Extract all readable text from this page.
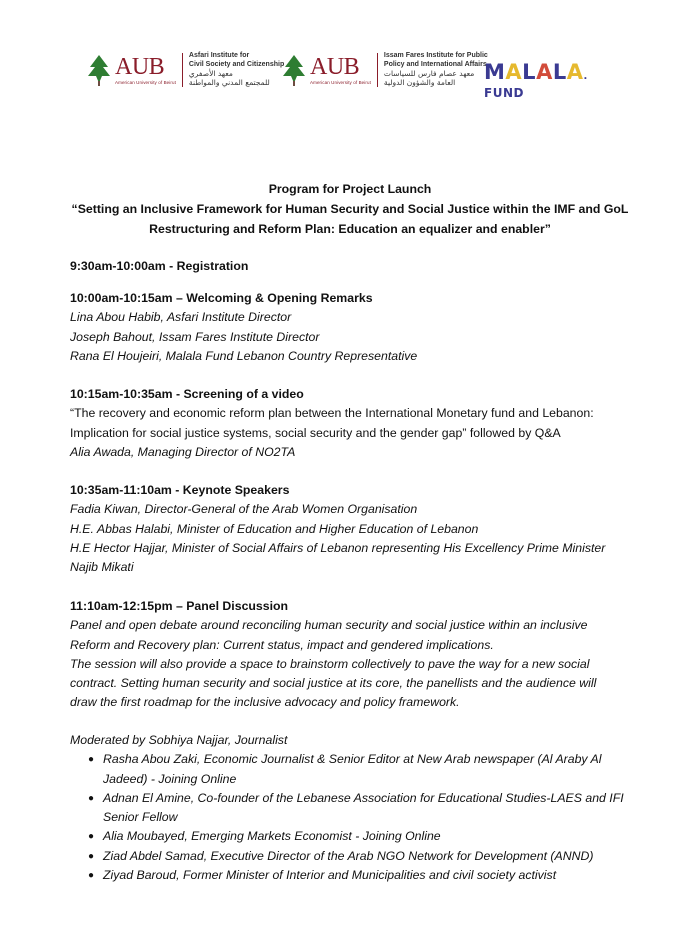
AUB
American University of Beirut
Asfari Institute for
Civil Society and Citizenship
معهد الأصفري
للمجتمع المدني والمواطنة
AUB
American University of Beirut
Issam Fares Institute for Public
Policy and International Affairs
معهد عصام فارس للسياسات
العامة والشؤون الدولية	MALALA.
FUND
Program for Project Launch
“Setting an Inclusive Framework for Human Security and Social Justice within the IMF and GoL
Restructuring and Reform Plan: Education an equalizer and enabler”
9:30am-10:00am - Registration
10:00am-10:15am – Welcoming & Opening Remarks
Lina Abou Habib, Asfari Institute Director
Joseph Bahout, Issam Fares Institute Director
Rana El Houjeiri, Malala Fund Lebanon Country Representative
10:15am-10:35am - Screening of a video
“The recovery and economic reform plan between the International Monetary fund and Lebanon:
Implication for social justice systems, social security and the gender gap” followed by Q&A
Alia Awada, Managing Director of NO2TA
10:35am-11:10am - Keynote Speakers
Fadia Kiwan, Director-General of the Arab Women Organisation
H.E. Abbas Halabi, Minister of Education and Higher Education of Lebanon
H.E Hector Hajjar, Minister of Social Affairs of Lebanon representing His Excellency Prime Minister
Najib Mikati
11:10am-12:15pm – Panel Discussion
Panel and open debate around reconciling human security and social justice within an inclusive
Reform and Recovery plan: Current status, impact and gendered implications.
The session will also provide a space to brainstorm collectively to pave the way for a new social
contract. Setting human security and social justice at its core, the panellists and the audience will
draw the first roadmap for the inclusive advocacy and policy framework.
Moderated by Sobhiya Najjar, Journalist
● Rasha Abou Zaki, Economic Journalist & Senior Editor at New Arab newspaper (Al Araby Al
Jadeed) - Joining Online
● Adnan El Amine, Co-founder of the Lebanese Association for Educational Studies-LAES and IFI
Senior Fellow
● Alia Moubayed, Emerging Markets Economist - Joining Online
● Ziad Abdel Samad, Executive Director of the Arab NGO Network for Development (ANND)
● Ziyad Baroud, Former Minister of Interior and Municipalities and civil society activist
